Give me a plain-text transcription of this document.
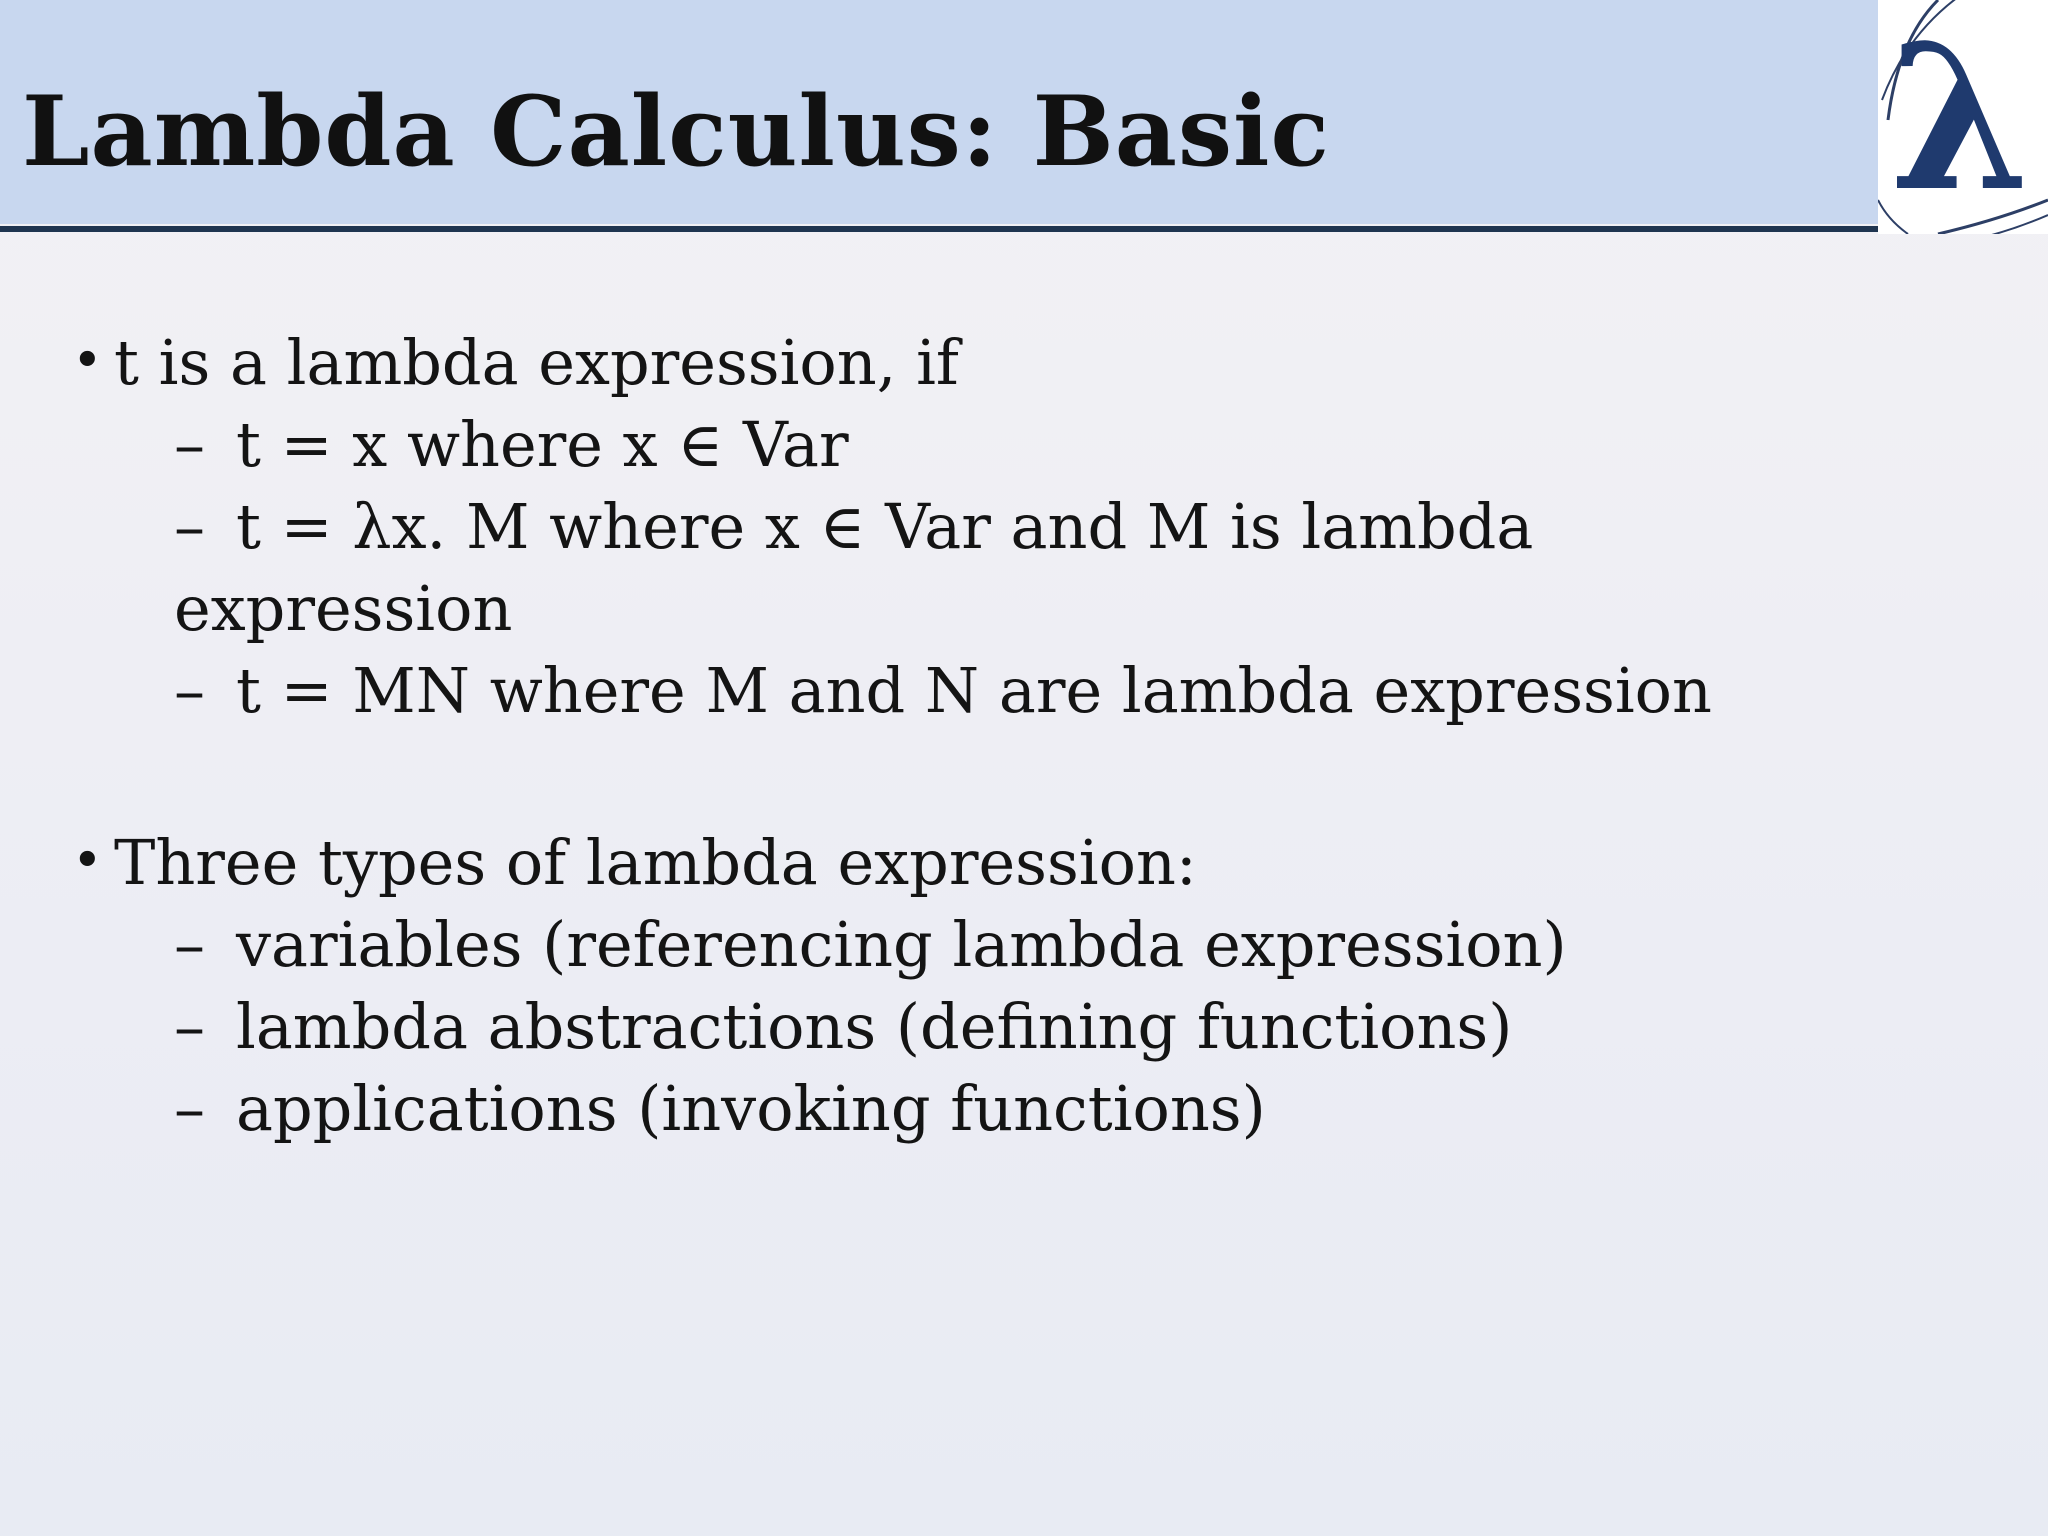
Lambda Calculus: Basic	λ
• t is a lambda expression, if
– t = x where x ∈ Var
– t = λx. M where x ∈ Var and M is lambda
expression
– t = MN where M and N are lambda expression
• Three types of lambda expression:
– variables (referencing lambda expression)
– lambda abstractions (defining functions)
– applications (invoking functions)
